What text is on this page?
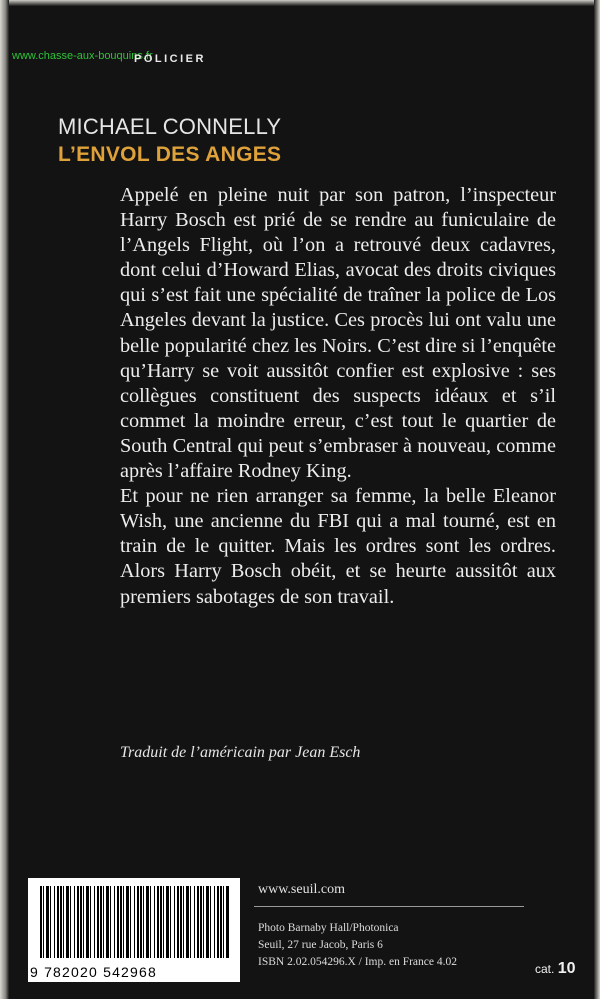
www.chasse-aux-bouquins.fr
POLICIER
MICHAEL CONNELLY
L’ENVOL DES ANGES

Appelé en pleine nuit par son patron, l’inspecteur Harry Bosch est prié de se rendre au funiculaire de l’Angels Flight, où l’on a retrouvé deux cadavres, dont celui d’Howard Elias, avocat des droits civiques qui s’est fait une spécialité de traîner la police de Los Angeles devant la justice. Ces procès lui ont valu une belle popularité chez les Noirs. C’est dire si l’enquête qu’Harry se voit aussitôt confier est explosive : ses collègues constituent des suspects idéaux et s’il commet la moindre erreur, c’est tout le quartier de South Central qui peut s’embraser à nouveau, comme après l’affaire Rodney King.

Et pour ne rien arranger sa femme, la belle Eleanor Wish, une ancienne du FBI qui a mal tourné, est en train de le quitter. Mais les ordres sont les ordres. Alors Harry Bosch obéit, et se heurte aussitôt aux premiers sabotages de son travail.

Traduit de l’américain par Jean Esch
9 782020 542968
www.seuil.com
Photo Barnaby Hall/Photonica
Seuil, 27 rue Jacob, Paris 6
ISBN 2.02.054296.X / Imp. en France 4.02	cat. 10
